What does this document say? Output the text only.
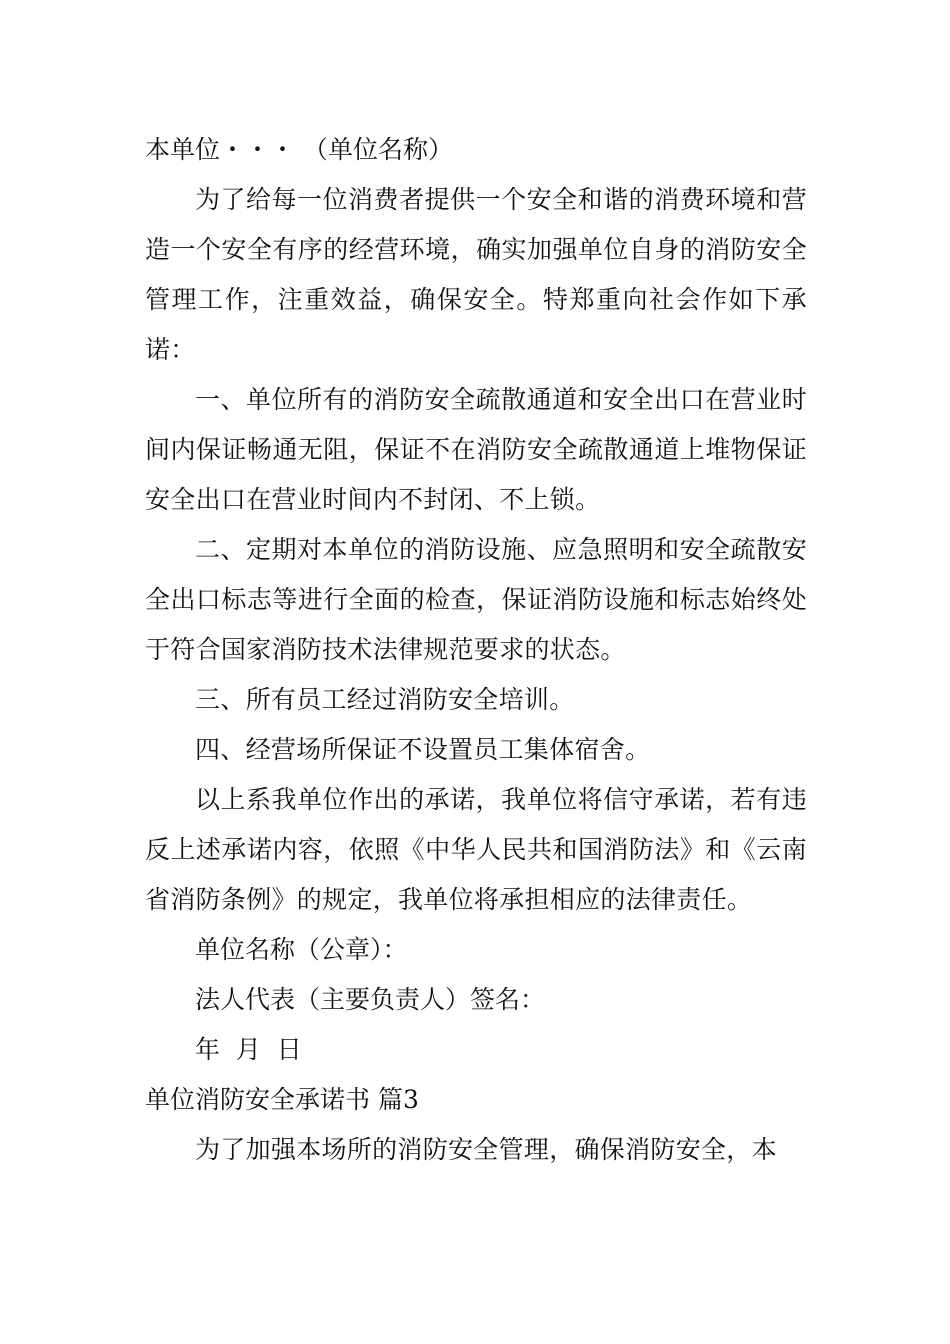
本单位・・・ （单位名称）

为了给每一位消费者提供一个安全和谐的消费环境和营造一个安全有序的经营环境，确实加强单位自身的消防安全管理工作，注重效益，确保安全。特郑重向社会作如下承诺：

一、单位所有的消防安全疏散通道和安全出口在营业时间内保证畅通无阻，保证不在消防安全疏散通道上堆物保证安全出口在营业时间内不封闭、不上锁。

二、定期对本单位的消防设施、应急照明和安全疏散安全出口标志等进行全面的检查，保证消防设施和标志始终处于符合国家消防技术法律规范要求的状态。

三、所有员工经过消防安全培训。

四、经营场所保证不设置员工集体宿舍。

以上系我单位作出的承诺，我单位将信守承诺，若有违反上述承诺内容，依照《中华人民共和国消防法》和《云南省消防条例》的规定，我单位将承担相应的法律责任。

单位名称（公章）：

法人代表（主要负责人）签名：

年  月  日

单位消防安全承诺书 篇3

为了加强本场所的消防安全管理，确保消防安全，本
